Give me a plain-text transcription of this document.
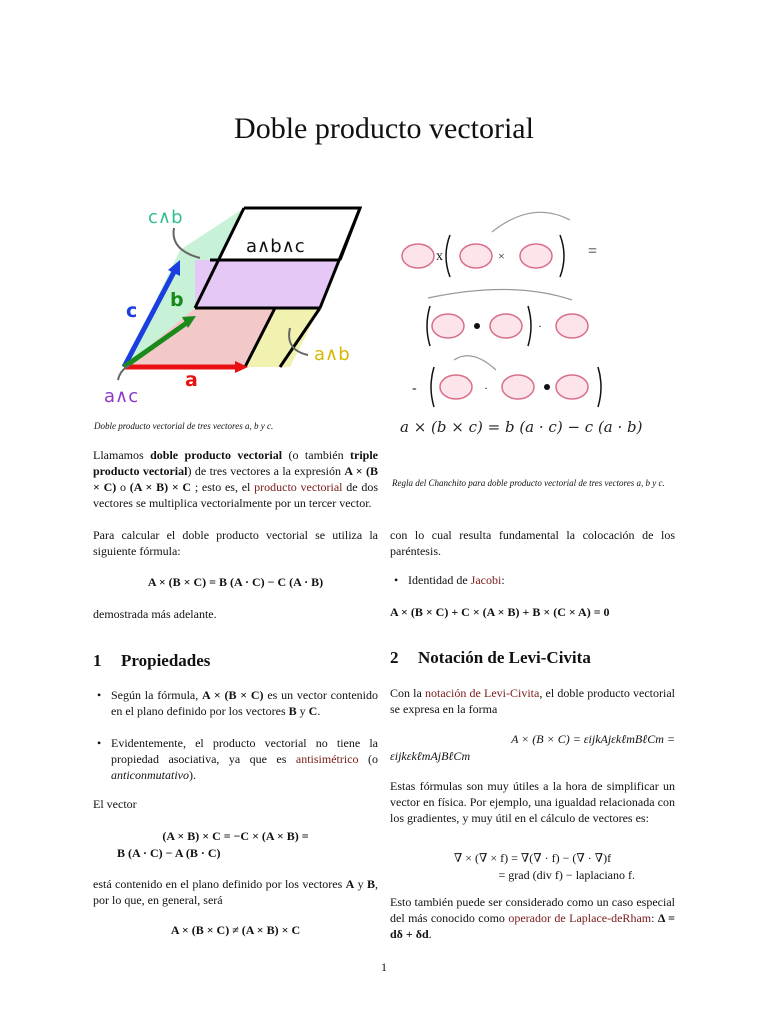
Doble producto vectorial
c∧b
a∧b∧c
c b
a∧b
a∧c
a
Doble producto vectorial de tres vectores a, b y c.
x	×	=
·
-	·
a × (b × c) = b (a · c) − c (a · b)
Regla del Chanchito para doble producto vectorial de tres vectores a, b y c.

Llamamos doble producto vectorial (o también triple producto vectorial) de tres vectores a la expresión A × (B × C) o (A × B) × C ; esto es, el producto vectorial de dos vectores se multiplica vectorialmente por un tercer vector.

Para calcular el doble producto vectorial se utiliza la siguiente fórmula:

A × (B × C) = B (A · C) − C (A · B)

demostrada más adelante.

1 Propiedades
• Según la fórmula, A × (B × C) es un vector contenido en el plano definido por los vectores B y C.
• Evidentemente, el producto vectorial no tiene la propiedad asociativa, ya que es antisimétrico (o anticonmutativo).

El vector

(A × B) × C = −C × (A × B) =
B (A · C) − A (B · C)

está contenido en el plano definido por los vectores A y B, por lo que, en general, será

A × (B × C) ≠ (A × B) × C

con lo cual resulta fundamental la colocación de los paréntesis.

• Identidad de Jacobi:
A × (B × C) + C × (A × B) + B × (C × A) = 0
2 Notación de Levi-Civita

Con la notación de Levi-Civita, el doble producto vectorial se expresa en la forma

A × (B × C) = εijkAjεkℓmBℓCm =
εijkεkℓmAjBℓCm

Estas fórmulas son muy útiles a la hora de simplificar un vector en física. Por ejemplo, una igualdad relacionada con los gradientes, y muy útil en el cálculo de vectores es:

∇ × (∇ × f) = ∇(∇ · f) − (∇ · ∇)f
= grad (div f) − laplaciano f.

Esto también puede ser considerado como un caso especial del más conocido como operador de Laplace-deRham: Δ = dδ + δd.

1
